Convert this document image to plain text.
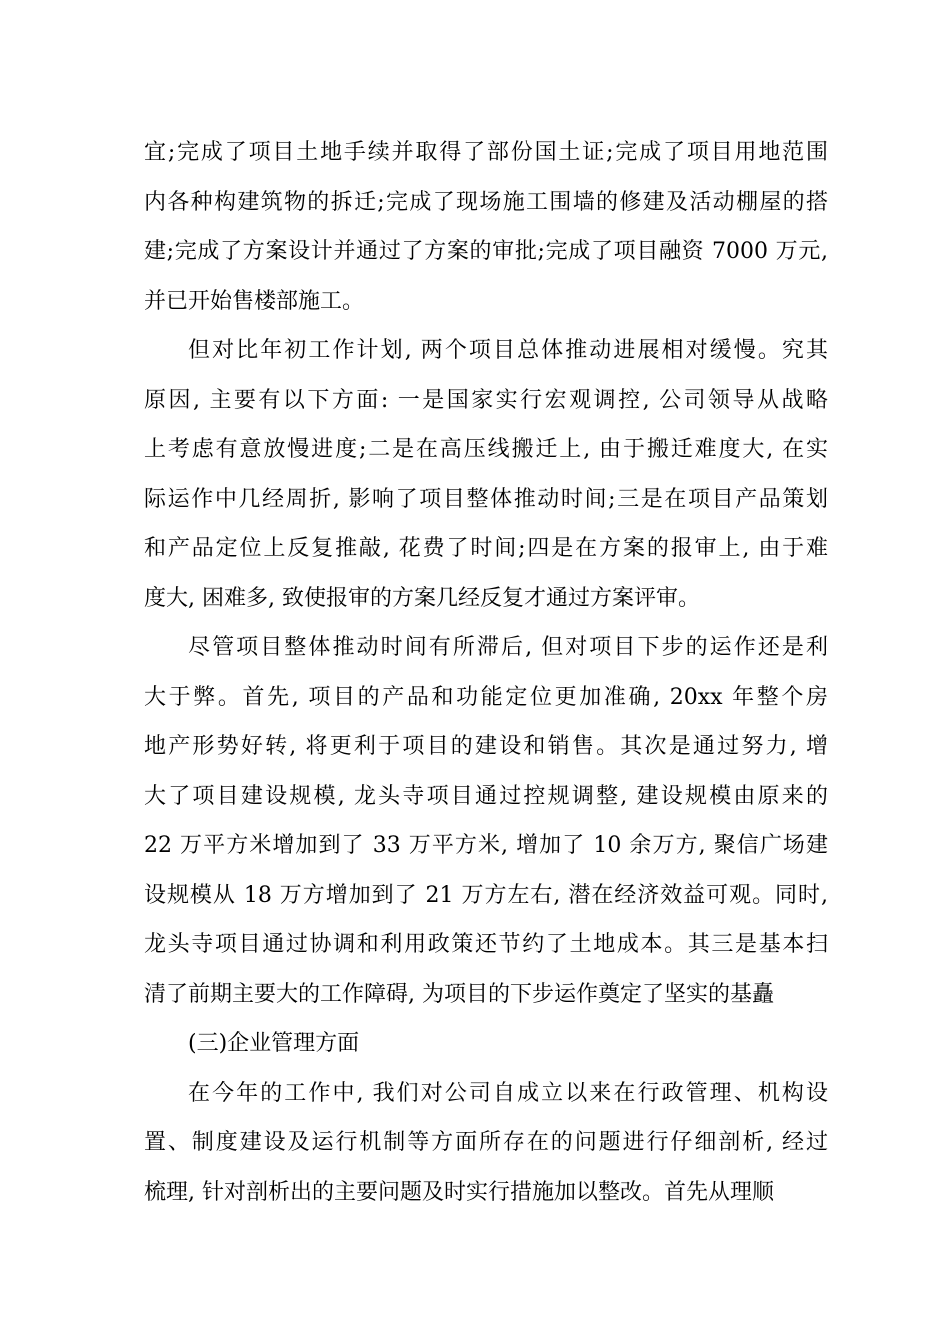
宜;完成了项目土地手续并取得了部份国土证;完成了项目用地范围
内各种构建筑物的拆迁;完成了现场施工围墙的修建及活动棚屋的搭
建;完成了方案设计并通过了方案的审批;完成了项目融资 7000 万元,
并已开始售楼部施工。
但对比年初工作计划, 两个项目总体推动进展相对缓慢。究其
原因, 主要有以下方面: 一是国家实行宏观调控, 公司领导从战略
上考虑有意放慢进度;二是在高压线搬迁上, 由于搬迁难度大, 在实
际运作中几经周折, 影响了项目整体推动时间;三是在项目产品策划
和产品定位上反复推敲, 花费了时间;四是在方案的报审上, 由于难
度大, 困难多, 致使报审的方案几经反复才通过方案评审。
尽管项目整体推动时间有所滞后, 但对项目下步的运作还是利
大于弊。首先, 项目的产品和功能定位更加准确, 20xx 年整个房
地产形势好转, 将更利于项目的建设和销售。其次是通过努力, 增
大了项目建设规模, 龙头寺项目通过控规调整, 建设规模由原来的
22 万平方米增加到了 33 万平方米, 增加了 10 余万方, 聚信广场建
设规模从 18 万方增加到了 21 万方左右, 潜在经济效益可观。同时,
龙头寺项目通过协调和利用政策还节约了土地成本。其三是基本扫
清了前期主要大的工作障碍, 为项目的下步运作奠定了坚实的基矗
(三)企业管理方面
在今年的工作中, 我们对公司自成立以来在行政管理、机构设
置、制度建设及运行机制等方面所存在的问题进行仔细剖析, 经过
梳理, 针对剖析出的主要问题及时实行措施加以整改。首先从理顺
